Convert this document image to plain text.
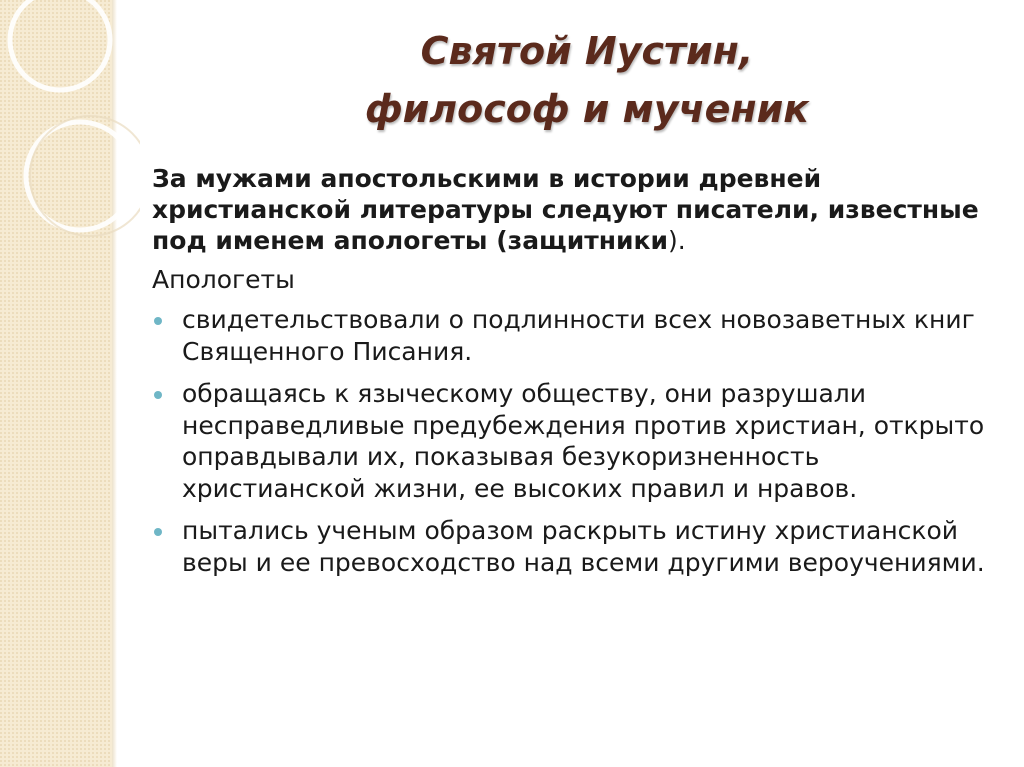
Святой Иустин,
философ и мученик

За мужами апостольскими в истории древней христианской литературы следуют писатели, известные под именем апологеты (защитники).

Апологеты

свидетельствовали о подлинности всех новозаветных книг Священного Писания.
обращаясь к языческому обществу, они разрушали несправедливые предубеждения против христиан, открыто оправдывали их, показывая безукоризненность христианской жизни, ее высоких правил и нравов.
пытались ученым образом раскрыть истину христианской веры и ее превосходство над всеми другими вероучениями.
